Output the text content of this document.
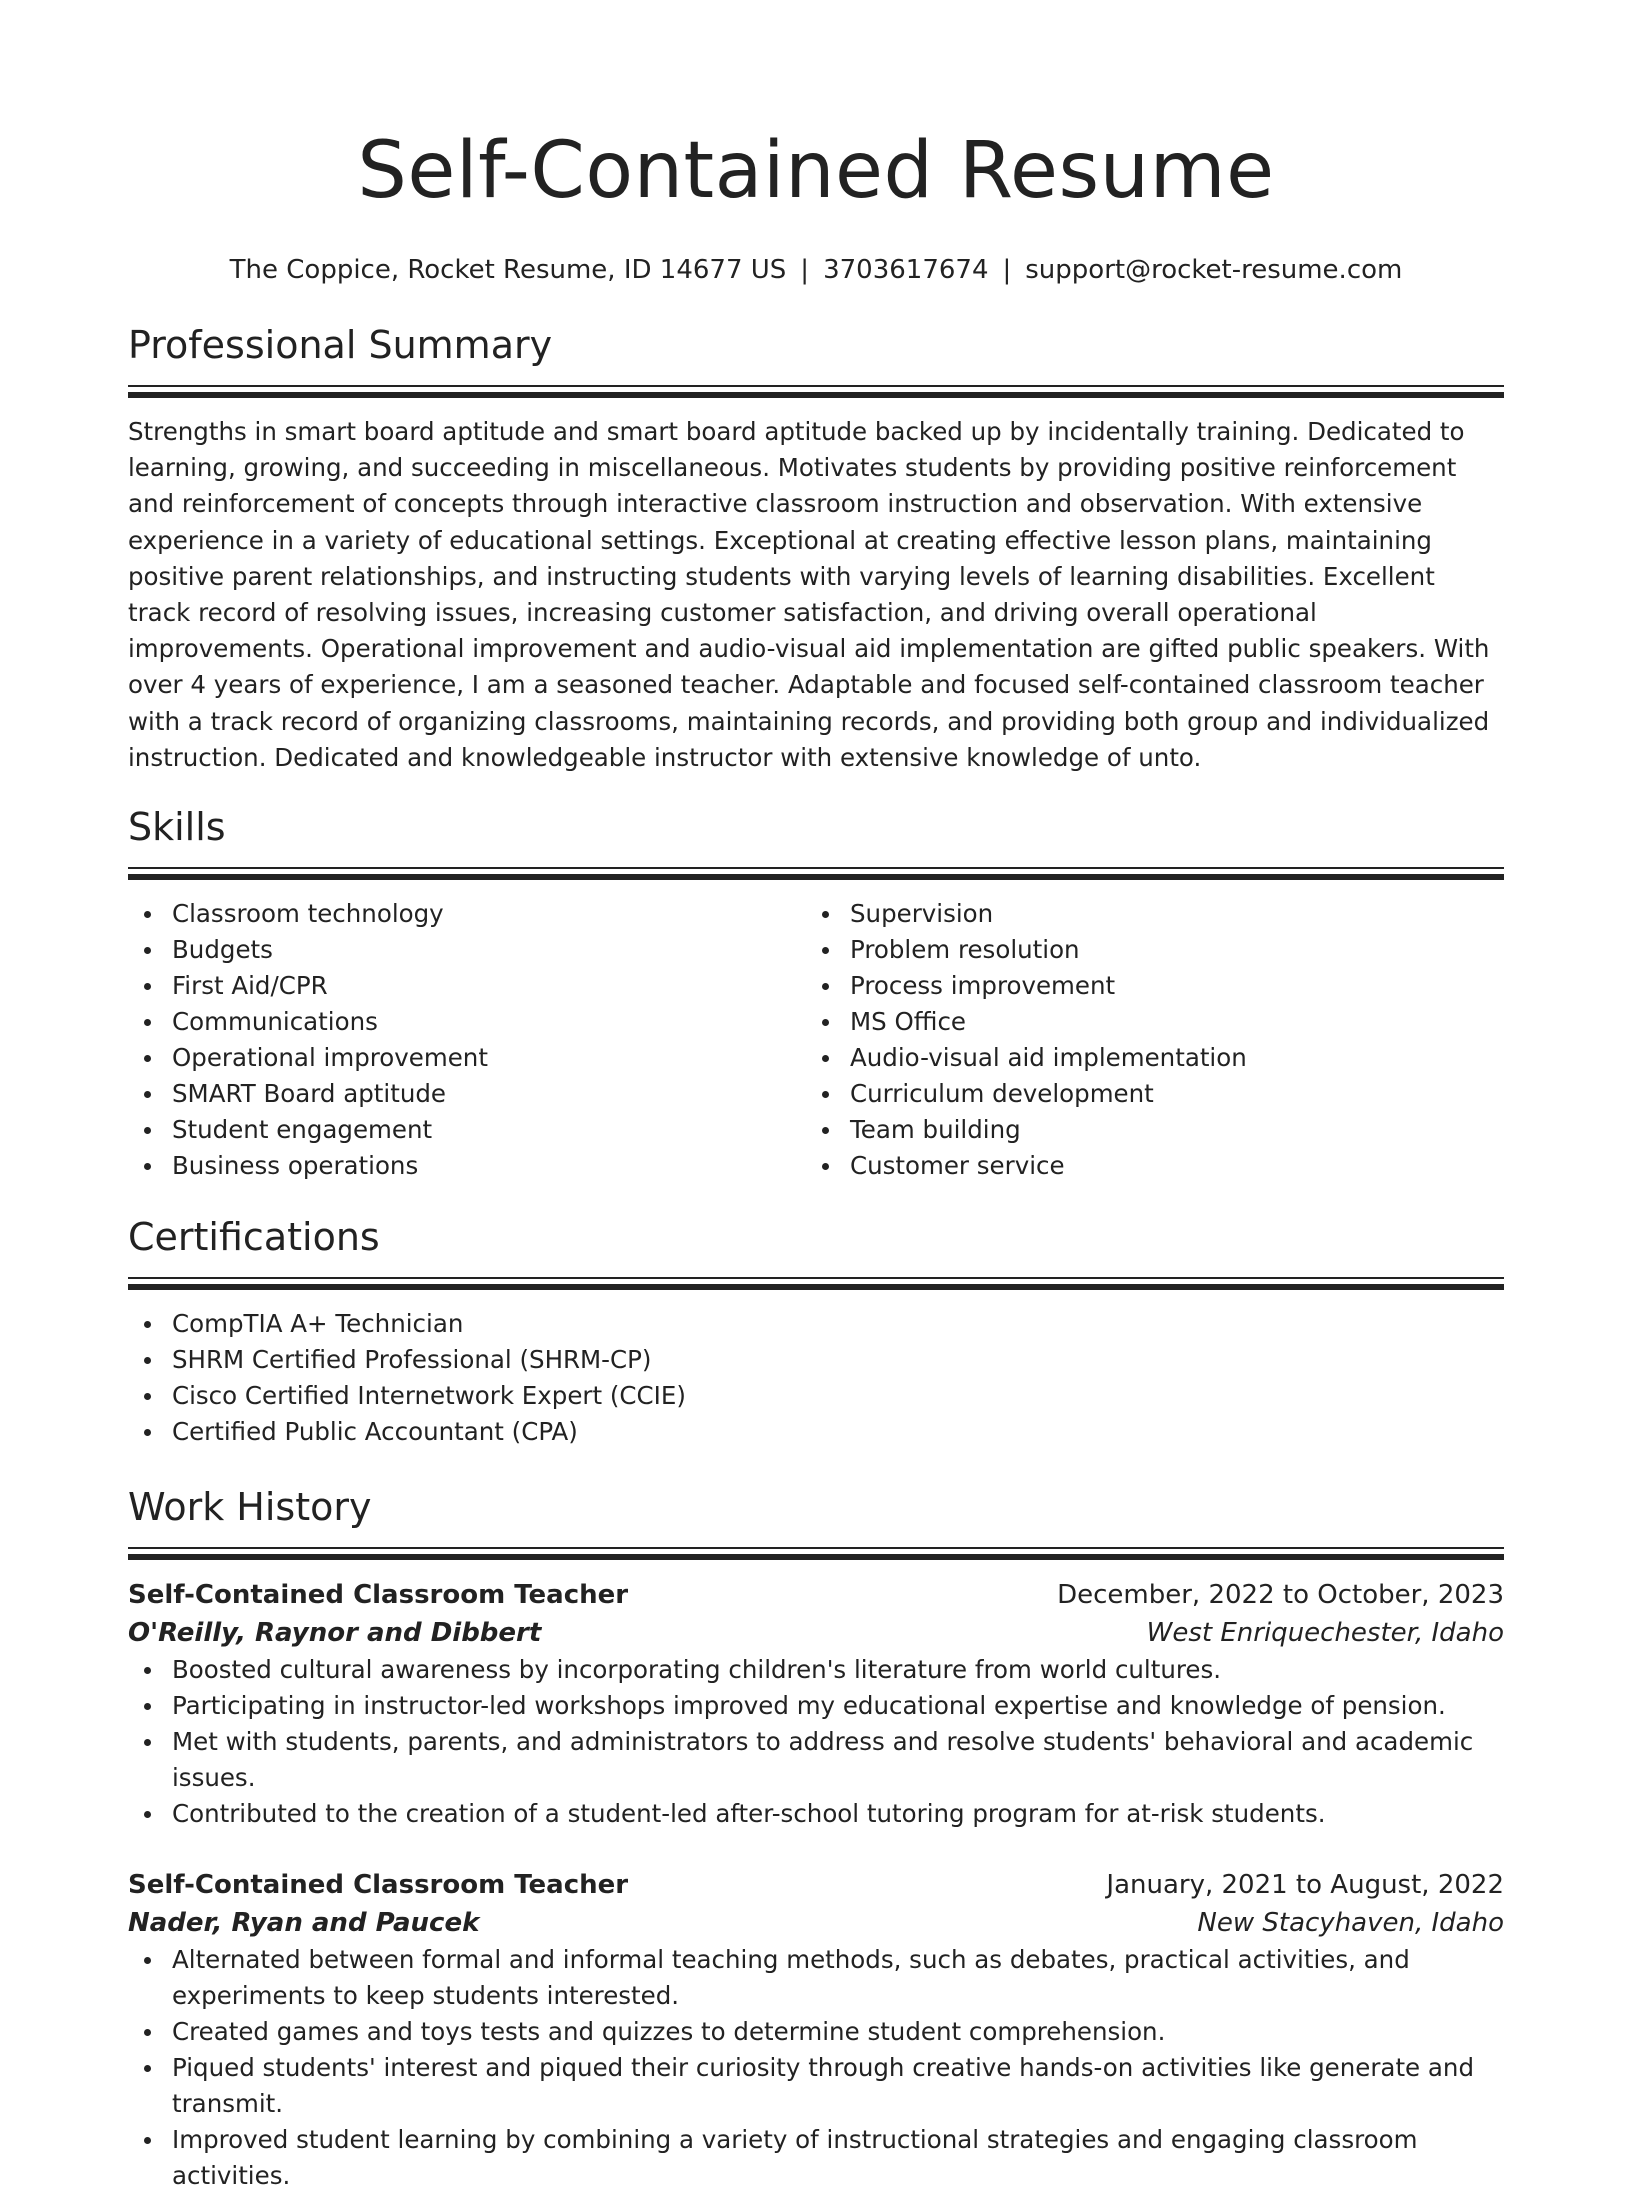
Self-Contained Resume
The Coppice, Rocket Resume, ID 14677 US | 3703617674 | support@rocket-resume.com
Professional Summary

Strengths in smart board aptitude and smart board aptitude backed up by incidentally training. Dedicated to learning, growing, and succeeding in miscellaneous. Motivates students by providing positive reinforcement and reinforcement of concepts through interactive classroom instruction and observation. With extensive experience in a variety of educational settings. Exceptional at creating effective lesson plans, maintaining positive parent relationships, and instructing students with varying levels of learning disabilities. Excellent track record of resolving issues, increasing customer satisfaction, and driving overall operational improvements. Operational improvement and audio-visual aid implementation are gifted public speakers. With over 4 years of experience, I am a seasoned teacher. Adaptable and focused self-contained classroom teacher with a track record of organizing classrooms, maintaining records, and providing both group and individualized instruction. Dedicated and knowledgeable instructor with extensive knowledge of unto.

Skills
Classroom technology
Budgets
First Aid/CPR
Communications
Operational improvement
SMART Board aptitude
Student engagement
Business operations
Supervision
Problem resolution
Process improvement
MS Office
Audio-visual aid implementation
Curriculum development
Team building
Customer service
Certifications
CompTIA A+ Technician
SHRM Certified Professional (SHRM-CP)
Cisco Certified Internetwork Expert (CCIE)
Certified Public Accountant (CPA)
Work History
Self-Contained Classroom Teacher	December, 2022 to October, 2023
O'Reilly, Raynor and Dibbert	West Enriquechester, Idaho
Boosted cultural awareness by incorporating children's literature from world cultures.
Participating in instructor-led workshops improved my educational expertise and knowledge of pension.
Met with students, parents, and administrators to address and resolve students' behavioral and academic issues.
Contributed to the creation of a student-led after-school tutoring program for at-risk students.
Self-Contained Classroom Teacher	January, 2021 to August, 2022
Nader, Ryan and Paucek	New Stacyhaven, Idaho
Alternated between formal and informal teaching methods, such as debates, practical activities, and experiments to keep students interested.
Created games and toys tests and quizzes to determine student comprehension.
Piqued students' interest and piqued their curiosity through creative hands-on activities like generate and transmit.
Improved student learning by combining a variety of instructional strategies and engaging classroom activities.
